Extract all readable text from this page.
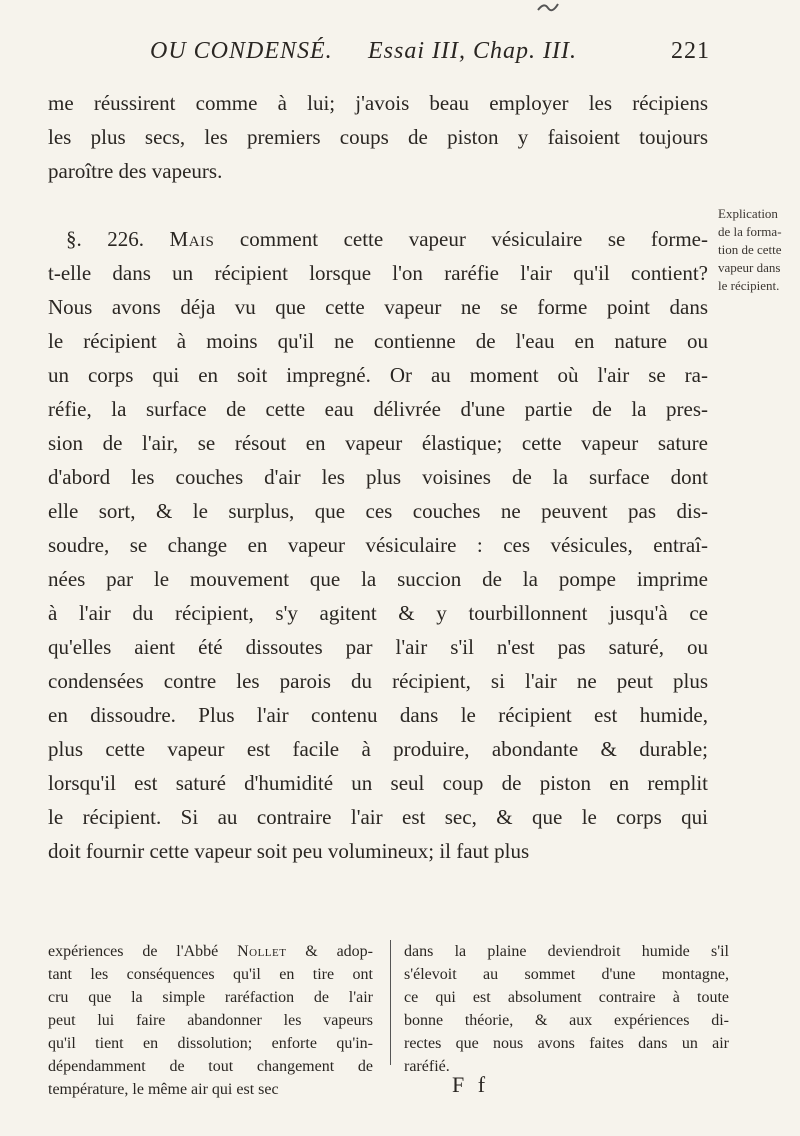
OU CONDENSÉ. Essai III, Chap. III.	221
me réussirent comme à lui; j'avois beau employer les récipiens
les plus secs, les premiers coups de piston y faisoient toujours
paroître des vapeurs.
§. 226. Mais comment cette vapeur vésiculaire se forme-
t-elle dans un récipient lorsque l'on raréfie l'air qu'il contient?
Nous avons déja vu que cette vapeur ne se forme point dans
le récipient à moins qu'il ne contienne de l'eau en nature ou
un corps qui en soit impregné. Or au moment où l'air se ra-
réfie, la surface de cette eau délivrée d'une partie de la pres-
sion de l'air, se résout en vapeur élastique; cette vapeur sature
d'abord les couches d'air les plus voisines de la surface dont
elle sort, & le surplus, que ces couches ne peuvent pas dis-
soudre, se change en vapeur vésiculaire : ces vésicules, entraî-
nées par le mouvement que la succion de la pompe imprime
à l'air du récipient, s'y agitent & y tourbillonnent jusqu'à ce
qu'elles aient été dissoutes par l'air s'il n'est pas saturé, ou
condensées contre les parois du récipient, si l'air ne peut plus
en dissoudre. Plus l'air contenu dans le récipient est humide,
plus cette vapeur est facile à produire, abondante & durable;
lorsqu'il est saturé d'humidité un seul coup de piston en remplit
le récipient. Si au contraire l'air est sec, & que le corps qui
doit fournir cette vapeur soit peu volumineux; il faut plus
Explication
de la forma-
tion de cette
vapeur dans
le récipient.
expériences de l'Abbé Nollet & adop-
tant les conséquences qu'il en tire ont
cru que la simple raréfaction de l'air
peut lui faire abandonner les vapeurs
qu'il tient en dissolution; enforte qu'in-
dépendamment de tout changement de
température, le même air qui est sec
dans la plaine deviendroit humide s'il
s'élevoit au sommet d'une montagne,
ce qui est absolument contraire à toute
bonne théorie, & aux expériences di-
rectes que nous avons faites dans un air
raréfié.
F f
